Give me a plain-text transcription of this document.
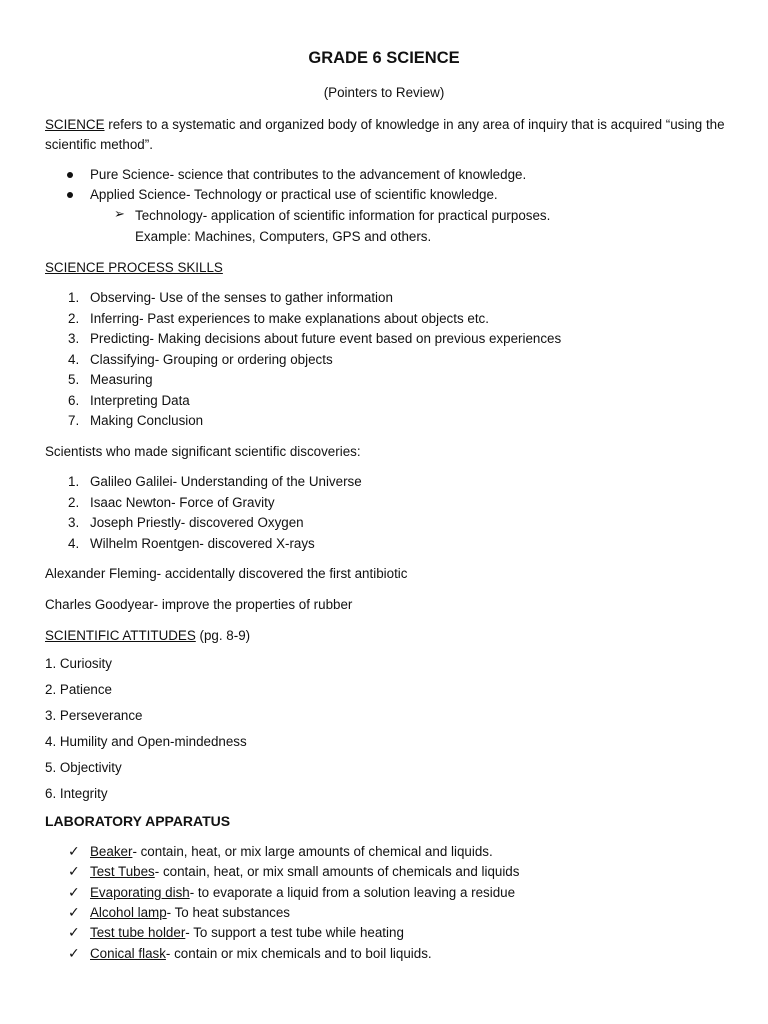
GRADE 6 SCIENCE
(Pointers to Review)
SCIENCE refers to a systematic and organized body of knowledge in any area of inquiry that is acquired “using the scientific method”.
Pure Science- science that contributes to the advancement of knowledge.
Applied Science- Technology or practical use of scientific knowledge.
➢ Technology- application of scientific information for practical purposes.
Example: Machines, Computers, GPS and others.
SCIENCE PROCESS SKILLS
1. Observing- Use of the senses to gather information
2. Inferring- Past experiences to make explanations about objects etc.
3. Predicting- Making decisions about future event based on previous experiences
4. Classifying- Grouping or ordering objects
5. Measuring
6. Interpreting Data
7. Making Conclusion
Scientists who made significant scientific discoveries:
1. Galileo Galilei- Understanding of the Universe
2. Isaac Newton- Force of Gravity
3. Joseph Priestly- discovered Oxygen
4. Wilhelm Roentgen- discovered X-rays
Alexander Fleming- accidentally discovered the first antibiotic
Charles Goodyear- improve the properties of rubber
SCIENTIFIC ATTITUDES (pg. 8-9)
1. Curiosity
2. Patience
3. Perseverance
4. Humility and Open-mindedness
5. Objectivity
6. Integrity
LABORATORY APPARATUS
✓ Beaker- contain, heat, or mix large amounts of chemical and liquids.
✓ Test Tubes- contain, heat, or mix small amounts of chemicals and liquids
✓ Evaporating dish- to evaporate a liquid from a solution leaving a residue
✓ Alcohol lamp- To heat substances
✓ Test tube holder- To support a test tube while heating
✓ Conical flask- contain or mix chemicals and to boil liquids.
